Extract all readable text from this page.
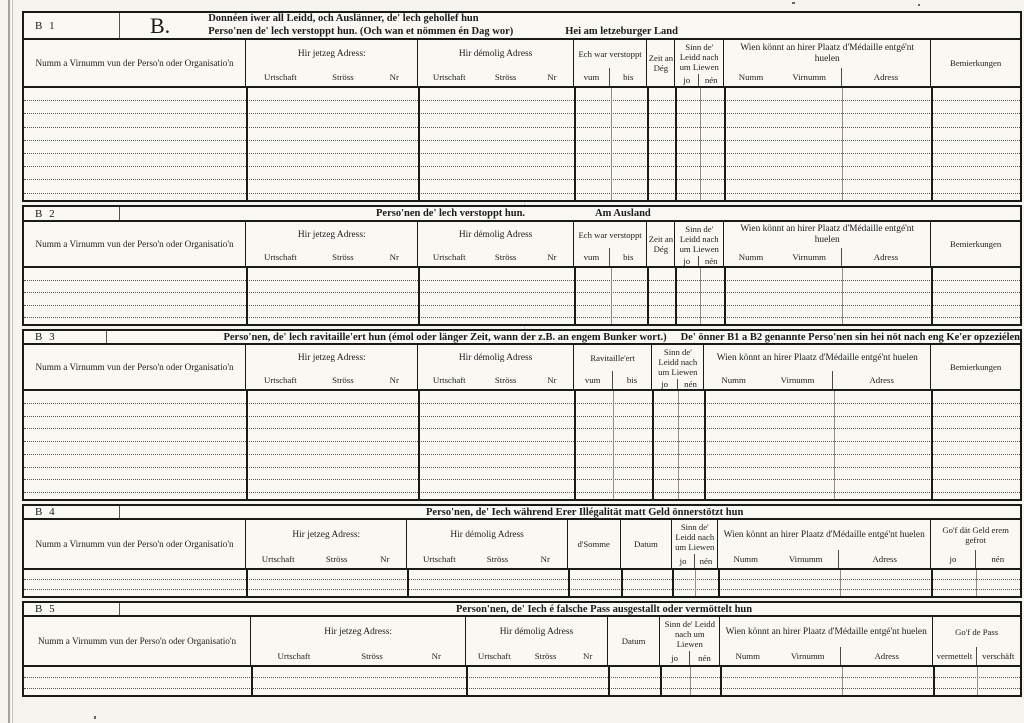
B 1	B.	Donnéen iwer all Leidd, och Auslänner, de' lech gehollef hun
Perso'nen de' lech verstoppt hun. (Och wan et nömmen én Dag wor)	Hei am letzeburger Land
Numm a Virnumm vun der Perso'n oder Organisatio'n
Hir jetzeg Adress:
Urtschaft	Ströss	Nr
Hir démolig Adress
Urtschaft	Ströss	Nr
Ech war verstoppt
vum	bis
Zeit an Dég
Sinn de' Leidd nach um Liewen
jo	nén
Wien könnt an hirer Plaatz d'Médaille entgé'nt huelen
Numm	Virnumm	Adress
Bemierkungen
B 2	Perso'nen de' lech verstoppt hun.	Am Ausland
Numm a Virnumm vun der Perso'n oder Organisatio'n
Hir jetzeg Adress:
Urtschaft	Ströss	Nr
Hir démolig Adress
Urtschaft	Ströss	Nr
Ech war verstoppt
vum	bis
Zeit an Dég
Sinn de' Leidd nach um Liewen
jo	nén
Wien könnt an hirer Plaatz d'Médaille entgé'nt huelen
Numm	Virnumm	Adress
Bemierkungen
B 3	Perso'nen, de' lech ravitaille'ert hun (émol oder länger Zeit, wann der z.B. an engem Bunker wort.) De' önner B1 a B2 genannte Perso'nen sin hei nöt nach eng Ke'er opzeziélen
Numm a Virnumm vun der Perso'n oder Organisatio'n
Hir jetzeg Adress:
Urtschaft	Ströss	Nr
Hir démolig Adress
Urtschaft	Ströss	Nr
Ravitaille'ert
vum	bis
Sinn de' Leidd nach um Liewen
jo	nén
Wien könnt an hirer Plaatz d'Médaille entgé'nt huelen
Numm	Virnumm	Adress
Bemierkungen
B 4	Perso'nen, de' Iech während Erer Illégalität matt Geld önnerstötzt hun
Numm a Virnumm vun der Perso'n oder Organisatio'n
Hir jetzeg Adress:
Urtschaft	Ströss	Nr
Hir démolig Adress
Urtschaft	Ströss	Nr
d'Somme	Datum
Sinn de' Leidd nach um Liewen
jo	nén
Wien könnt an hirer Plaatz d'Médaille entgé'nt huelen
Numm	Virnumm	Adress
Go'f dät Geld erem gefrot
jo	nén
B 5	Person'nen, de' Iech é falsche Pass ausgestallt oder vermöttelt hun
Numm a Virnumm vun der Perso'n oder Organisatio'n
Hir jetzeg Adress:
Urtschaft	Ströss	Nr
Hir démolig Adress
Urtschaft	Ströss	Nr
Datum
Sinn de' Leidd nach um Liewen
jo	nén
Wien könnt an hirer Plaatz d'Médaille entgé'nt huelen
Numm	Virnumm	Adress
Go'f de Pass
vermettelt	verschäft
